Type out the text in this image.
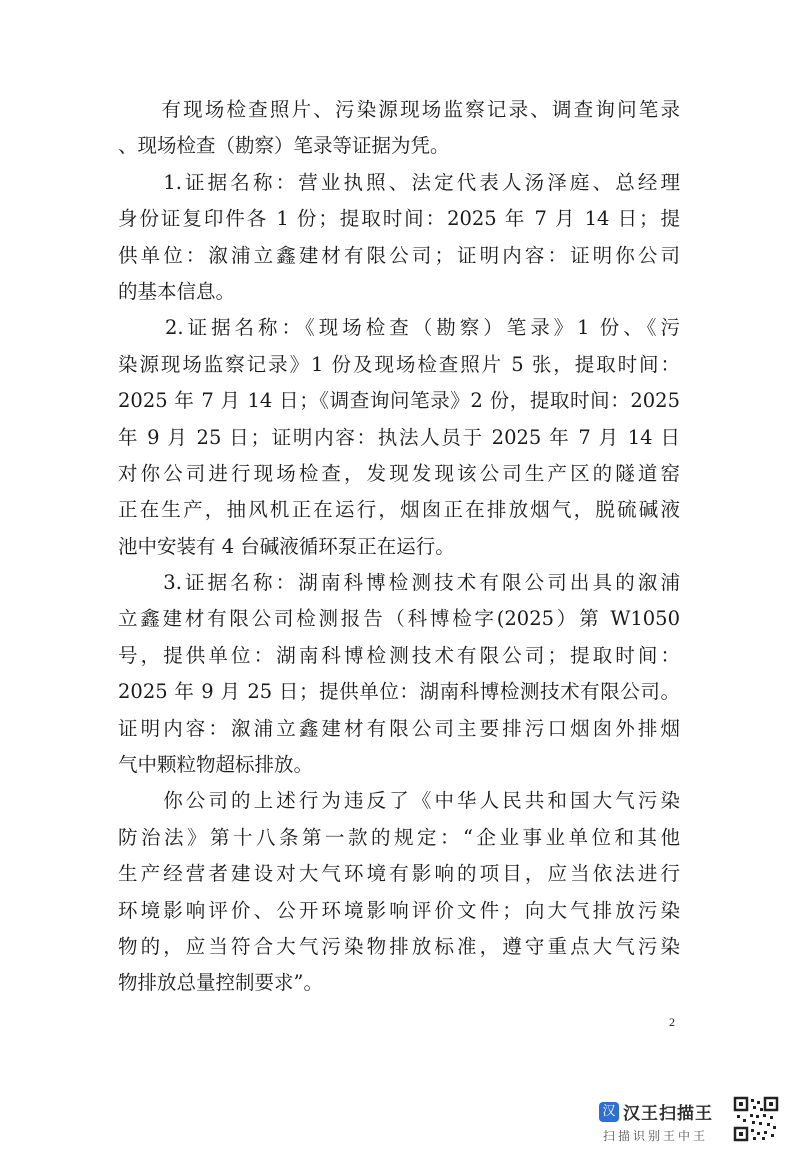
　　有现场检查照片、污染源现场监察记录、调查询问笔录
、现场检查（勘察）笔录等证据为凭。
　　1.证据名称：营业执照、法定代表人汤泽庭、总经理
身份证复印件各 1 份；提取时间：2025 年 7 月 14 日；提
供单位：溆浦立鑫建材有限公司；证明内容：证明你公司
的基本信息。
　　2.证据名称：《现场检查（勘察）笔录》1 份、《污
染源现场监察记录》1 份及现场检查照片 5 张，提取时间：
2025 年 7 月 14 日；《调查询问笔录》2 份，提取时间：2025
年 9 月 25 日；证明内容：执法人员于 2025 年 7 月 14 日
对你公司进行现场检查，发现发现该公司生产区的隧道窑
正在生产，抽风机正在运行，烟囱正在排放烟气，脱硫碱液
池中安装有 4 台碱液循环泵正在运行。
　　3.证据名称：湖南科博检测技术有限公司出具的溆浦
立鑫建材有限公司检测报告（科博检字(2025）第 W1050
号，提供单位：湖南科博检测技术有限公司；提取时间：
2025 年 9 月 25 日；提供单位：湖南科博检测技术有限公司。
证明内容：溆浦立鑫建材有限公司主要排污口烟囱外排烟
气中颗粒物超标排放。
　　你公司的上述行为违反了《中华人民共和国大气污染
防治法》第十八条第一款的规定：“企业事业单位和其他
生产经营者建设对大气环境有影响的项目，应当依法进行
环境影响评价、公开环境影响评价文件；向大气排放污染
物的，应当符合大气污染物排放标准，遵守重点大气污染
物排放总量控制要求”。
2
汉 汉王扫描王
扫描识别王中王
